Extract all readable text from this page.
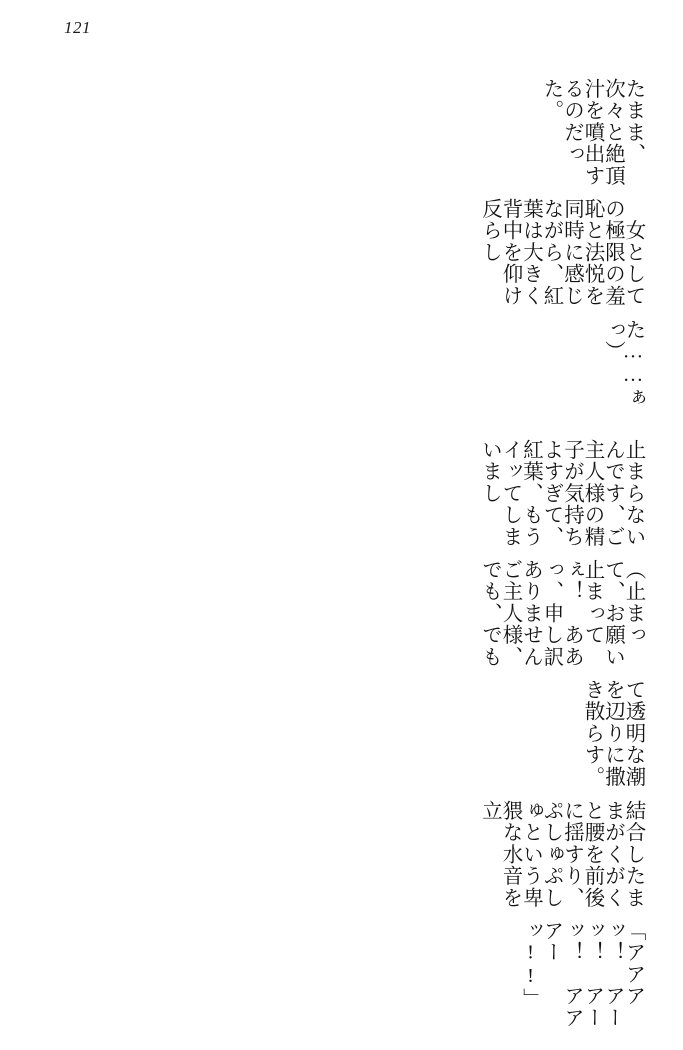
121
「アアアッ！　アーッ！　アーッ！　アアアーッ!!」
結合したままがくがくと腰を前後に揺すり、ぷしゅぷしゅという卑猥な水音を立
て透明な潮を辺りに撒き散らす。
（止まって、お願い止まってぇ！　ああっ、申し訳ありませんご主人様、でも、でも
止まらないんです、ご主人様の精子が気持ちよすぎて、紅葉、もうイッてしまいまし
た……ぁっ）
　女としての極限の羞恥と法悦を同時に感じながら、紅葉は大きく背中を仰け反らし
たまま、次々と絶頂汁を噴出するのだった。
